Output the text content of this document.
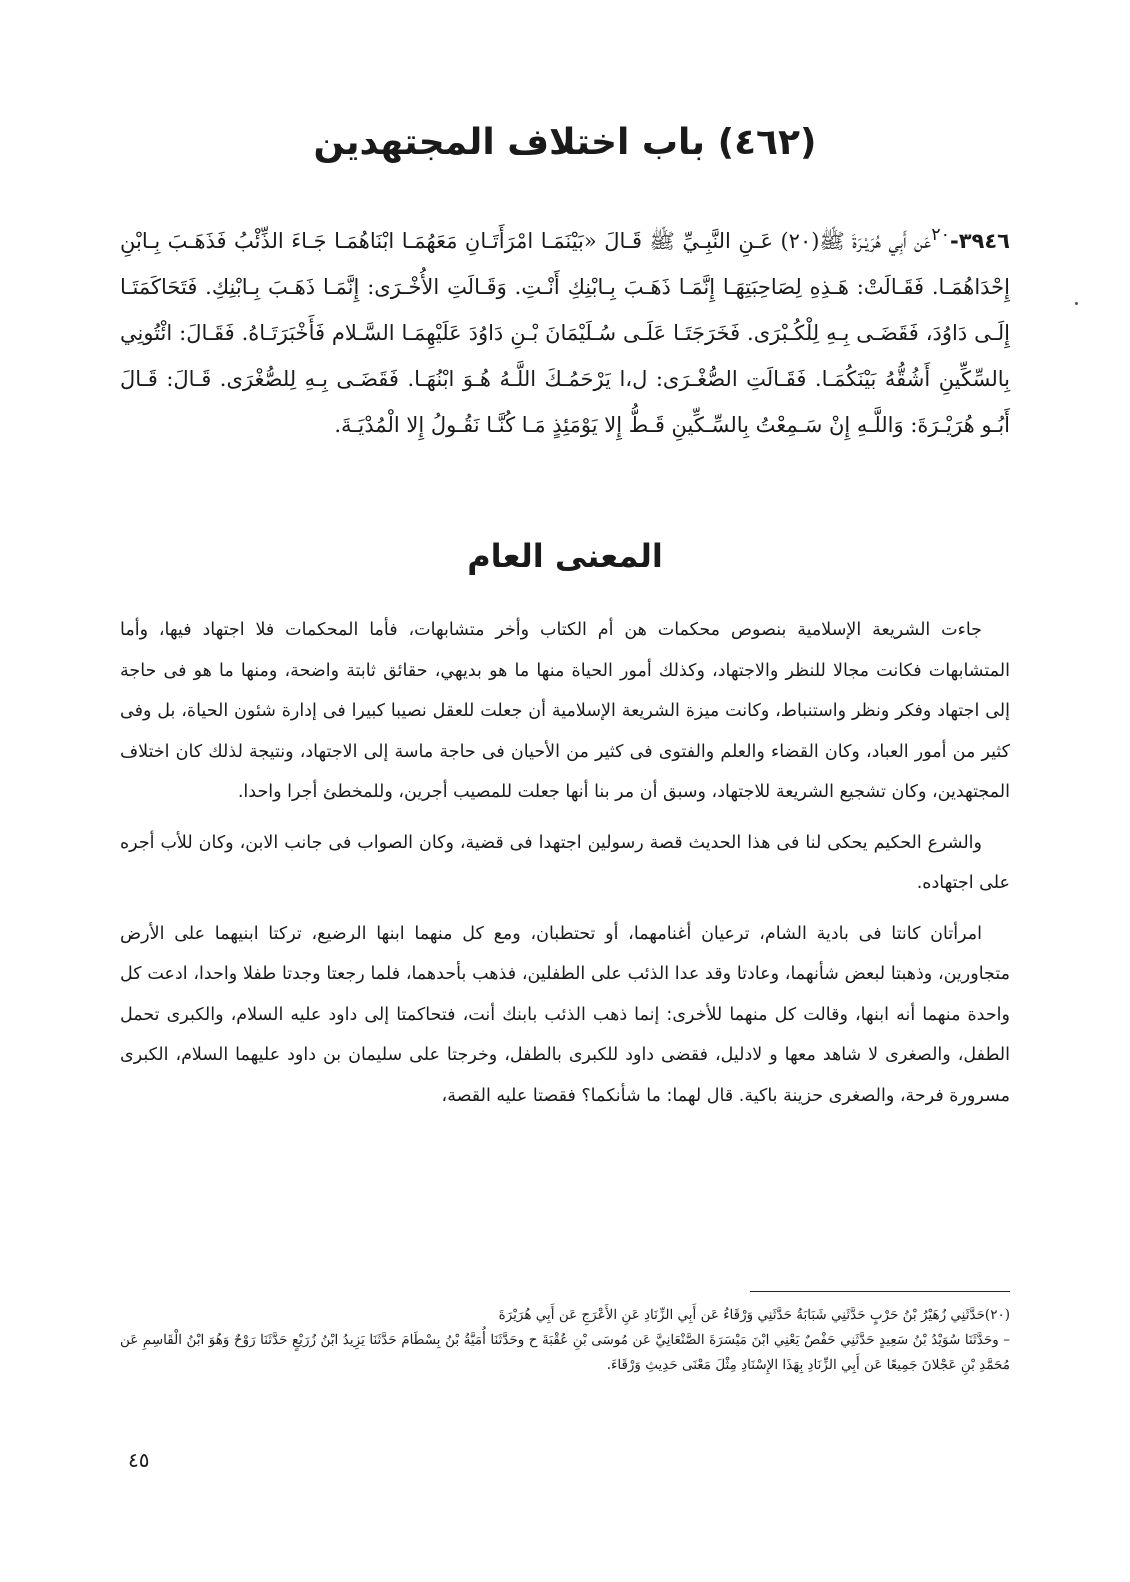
(٤٦٢) باب اختلاف المجتهدين

٣٩٤٦-$^{٢٠}$عَن أَبِي هُرَيْـرَةَ ﷺ(٢٠) عَـنِ النَّبِـيِّ ﷺ قَـالَ «بَيْنَمَـا امْرَأَتَـانِ مَعَهُمَـا ابْنَاهُمَـا جَـاءَ الذِّئْبُ فَذَهَـبَ بِـابْنِ إِحْدَاهُمَـا. فَقَـالَتْ: هَـذِهِ لِصَاحِبَتِهَـا إِنَّمَـا ذَهَـبَ بِـابْنِكِ أَنْـتِ. وَقَـالَتِ الأُخْـرَى: إِنَّمَـا ذَهَـبَ بِـابْنِكِ. فَتَحَاكَمَتَـا إِلَـى دَاوُدَ، فَقَضَـى بِـهِ لِلْكُـبْرَى. فَخَرَجَتَـا عَلَـى سُـلَيْمَانَ بْـنِ دَاوُدَ عَلَيْهِمَـا السَّـلام فَأَخْبَرَتَـاهُ. فَقَـالَ: ائْتُونِي بِالسِّكِّينِ أَشُقُّهُ بَيْنَكُمَـا. فَقَـالَتِ الصُّغْـرَى: ل،ا يَرْحَمُـكَ اللَّـهُ هُـوَ ابْنُهَـا. فَقَضَـى بِـهِ لِلصُّغْرَى. قَـالَ: قَـالَ أَبُـو هُرَيْـرَةَ: وَاللَّـهِ إِنْ سَـمِعْتُ بِالسِّـكِّينِ قَـطُّ إِلا يَوْمَئِذٍ مَـا كُنَّـا نَقُـولُ إِلا الْمُدْيَـةَ.

المعنى العام

جاءت الشريعة الإسلامية بنصوص محكمات هن أم الكتاب وأخر متشابهات، فأما المحكمات فلا اجتهاد فيها، وأما المتشابهات فكانت مجالا للنظر والاجتهاد، وكذلك أمور الحياة منها ما هو بديهي، حقائق ثابتة واضحة، ومنها ما هو فى حاجة إلى اجتهاد وفكر ونظر واستنباط، وكانت ميزة الشريعة الإسلامية أن جعلت للعقل نصيبا كبيرا فى إدارة شئون الحياة، بل وفى كثير من أمور العباد، وكان القضاء والعلم والفتوى فى كثير من الأحيان فى حاجة ماسة إلى الاجتهاد، ونتيجة لذلك كان اختلاف المجتهدين، وكان تشجيع الشريعة للاجتهاد، وسبق أن مر بنا أنها جعلت للمصيب أجرين، وللمخطئ أجرا واحدا.

والشرع الحكيم يحكى لنا فى هذا الحديث قصة رسولين اجتهدا فى قضية، وكان الصواب فى جانب الابن، وكان للأب أجره على اجتهاده.

امرأتان كانتا فى بادية الشام، ترعيان أغنامهما، أو تحتطبان، ومع كل منهما ابنها الرضيع، تركتا ابنيهما على الأرض متجاورين، وذهبتا لبعض شأنهما، وعادتا وقد عدا الذئب على الطفلين، فذهب بأحدهما، فلما رجعتا وجدتا طفلا واحدا، ادعت كل واحدة منهما أنه ابنها، وقالت كل منهما للأخرى: إنما ذهب الذئب بابنك أنت، فتحاكمتا إلى داود عليه السلام، والكبرى تحمل الطفل، والصغرى لا شاهد معها و لادليل، فقضى داود للكبرى بالطفل، وخرجتا على سليمان بن داود عليهما السلام، الكبرى مسرورة فرحة، والصغرى حزينة باكية. قال لهما: ما شأنكما؟ فقصتا عليه القصة،

(٢٠)حَدَّثَنِي زُهَيْرُ بْنُ حَرْبٍ حَدَّثَنِي شَبَابَةُ حَدَّثَنِي وَرْقَاءُ عَن أَبِي الزِّنَادِ عَنِ الأَعْرَجِ عَن أَبِي هُرَيْرَةَ
– وحَدَّثَنَا سُوَيْدُ بْنُ سَعِيدٍ حَدَّثَنِي حَفْصٌ يَعْنِي ابْنَ مَيْسَرَةَ الصَّنْعَانِيَّ عَن مُوسَى بْنِ عُقْبَةَ ح وحَدَّثَنَا أُمَيَّةُ بْنُ بِسْطَامَ حَدَّثَنَا يَزِيدُ ابْنُ زُرَيْعٍ حَدَّثَنَا رَوْحٌ وَهُوَ ابْنُ الْقَاسِمِ عَن مُحَمَّدِ بْنِ عَجْلانَ جَمِيعًا عَن أَبِي الزِّنَادِ بِهَذَا الإِسْنَادِ مِثْلَ مَعْنَى حَدِيثِ وَرْقَاءَ.
٤٥
